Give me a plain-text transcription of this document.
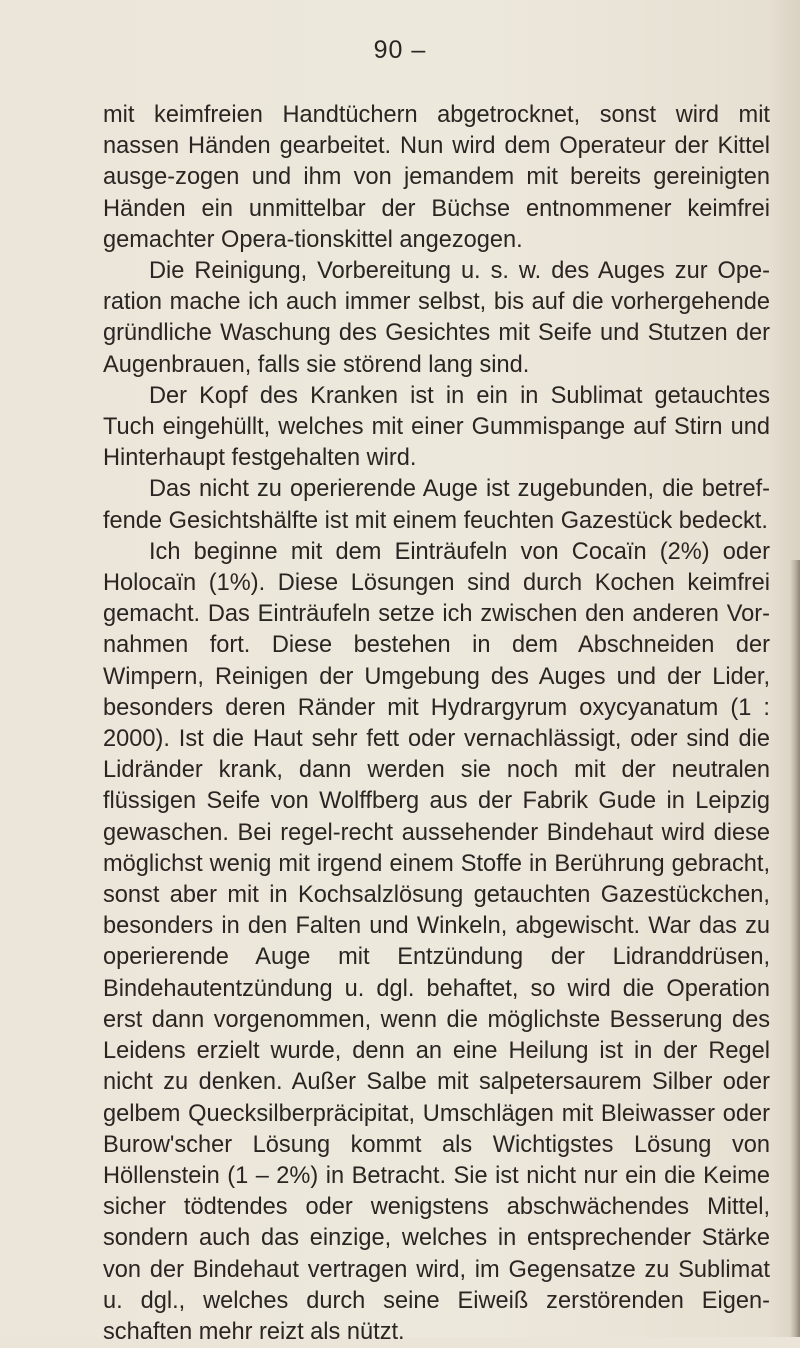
90 –

mit keimfreien Handtüchern abgetrocknet, sonst wird mit nassen Händen gearbeitet. Nun wird dem Operateur der Kittel ausge-zogen und ihm von jemandem mit bereits gereinigten Händen ein unmittelbar der Büchse entnommener keimfrei gemachter Opera-tionskittel angezogen.

Die Reinigung, Vorbereitung u. s. w. des Auges zur Ope-ration mache ich auch immer selbst, bis auf die vorhergehende gründliche Waschung des Gesichtes mit Seife und Stutzen der Augenbrauen, falls sie störend lang sind.

Der Kopf des Kranken ist in ein in Sublimat getauchtes Tuch eingehüllt, welches mit einer Gummispange auf Stirn und Hinterhaupt festgehalten wird.

Das nicht zu operierende Auge ist zugebunden, die betref-fende Gesichtshälfte ist mit einem feuchten Gazestück bedeckt.

Ich beginne mit dem Einträufeln von Cocaïn (2%) oder Holocaïn (1%). Diese Lösungen sind durch Kochen keimfrei gemacht. Das Einträufeln setze ich zwischen den anderen Vor-nahmen fort. Diese bestehen in dem Abschneiden der Wimpern, Reinigen der Umgebung des Auges und der Lider, besonders deren Ränder mit Hydrargyrum oxycyanatum (1 : 2000). Ist die Haut sehr fett oder vernachlässigt, oder sind die Lidränder krank, dann werden sie noch mit der neutralen flüssigen Seife von Wolffberg aus der Fabrik Gude in Leipzig gewaschen. Bei regel-recht aussehender Bindehaut wird diese möglichst wenig mit irgend einem Stoffe in Berührung gebracht, sonst aber mit in Kochsalzlösung getauchten Gazestückchen, besonders in den Falten und Winkeln, abgewischt. War das zu operierende Auge mit Entzündung der Lidranddrüsen, Bindehautentzündung u. dgl. behaftet, so wird die Operation erst dann vorgenommen, wenn die möglichste Besserung des Leidens erzielt wurde, denn an eine Heilung ist in der Regel nicht zu denken. Außer Salbe mit salpetersaurem Silber oder gelbem Quecksilberpräcipitat, Umschlägen mit Bleiwasser oder Burow'scher Lösung kommt als Wichtigstes Lösung von Höllenstein (1 – 2%) in Betracht. Sie ist nicht nur ein die Keime sicher tödtendes oder wenigstens abschwächendes Mittel, sondern auch das einzige, welches in entsprechender Stärke von der Bindehaut vertragen wird, im Gegensatze zu Sublimat u. dgl., welches durch seine Eiweiß zerstörenden Eigen-schaften mehr reizt als nützt.
